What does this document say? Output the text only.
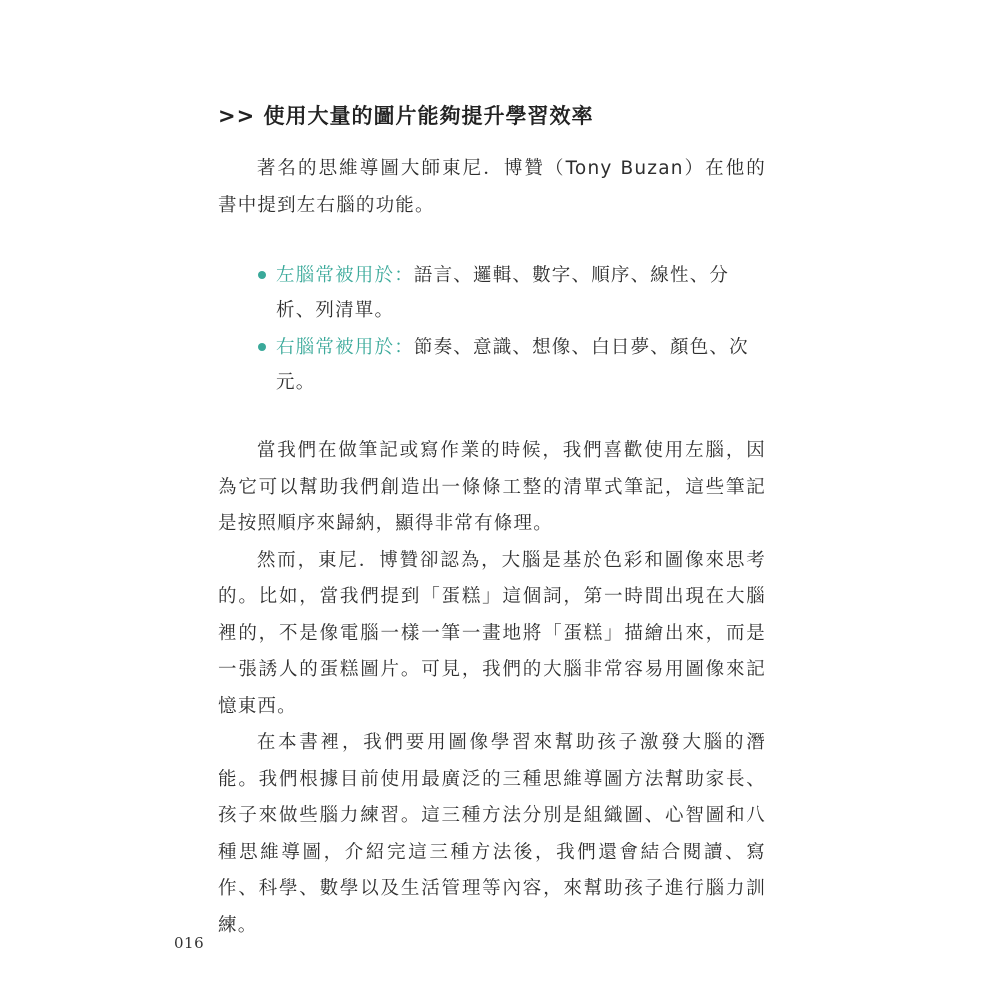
>> 使用大量的圖片能夠提升學習效率

著名的思維導圖大師東尼．博贊（Tony Buzan）在他的書中提到左右腦的功能。

左腦常被用於：語言、邏輯、數字、順序、線性、分析、列清單。
右腦常被用於：節奏、意識、想像、白日夢、顏色、次元。

當我們在做筆記或寫作業的時候，我們喜歡使用左腦，因為它可以幫助我們創造出一條條工整的清單式筆記，這些筆記是按照順序來歸納，顯得非常有條理。

然而，東尼．博贊卻認為，大腦是基於色彩和圖像來思考的。比如，當我們提到「蛋糕」這個詞，第一時間出現在大腦裡的，不是像電腦一樣一筆一畫地將「蛋糕」描繪出來，而是一張誘人的蛋糕圖片。可見，我們的大腦非常容易用圖像來記憶東西。

在本書裡，我們要用圖像學習來幫助孩子激發大腦的潛能。我們根據目前使用最廣泛的三種思維導圖方法幫助家長、孩子來做些腦力練習。這三種方法分別是組織圖、心智圖和八種思維導圖，介紹完這三種方法後，我們還會結合閱讀、寫作、科學、數學以及生活管理等內容，來幫助孩子進行腦力訓練。

016
